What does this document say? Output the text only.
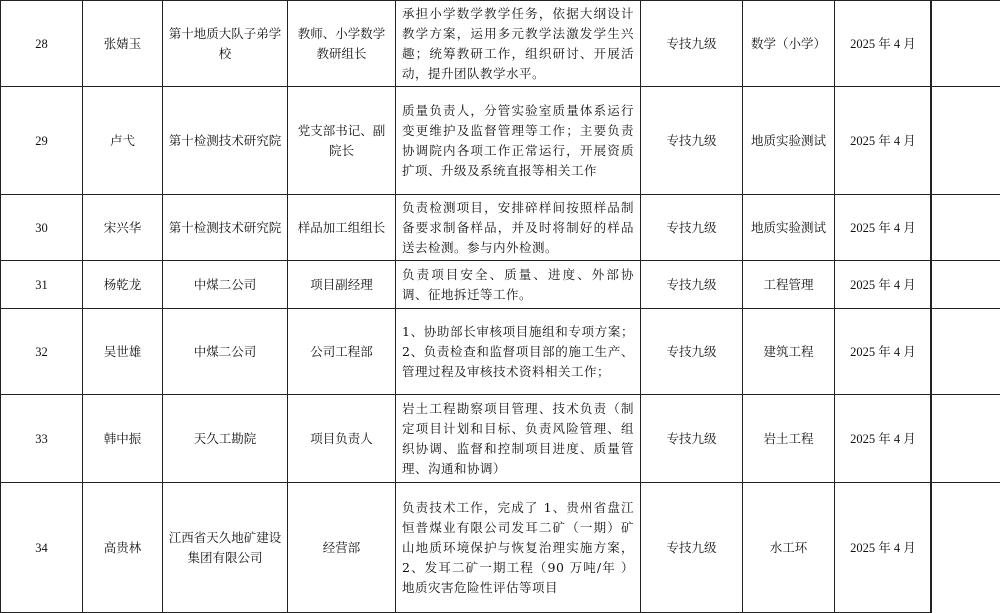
28	张婧玉	第十地质大队子弟学校	教师、小学数学教研组长	承担小学数学教学任务，依据大纲设计教学方案，运用多元教学法激发学生兴趣；统筹教研工作，组织研讨、开展活动，提升团队教学水平。	专技九级	数学（小学）	2025 年 4 月
29	卢弋	第十检测技术研究院	党支部书记、副院长	质量负责人，分管实验室质量体系运行变更维护及监督管理等工作；主要负责协调院内各项工作正常运行，开展资质扩项、升级及系统直报等相关工作	专技九级	地质实验测试	2025 年 4 月
30	宋兴华	第十检测技术研究院	样品加工组组长	负责检测项目，安排碎样间按照样品制备要求制备样品，并及时将制好的样品送去检测。参与内外检测。	专技九级	地质实验测试	2025 年 4 月
31	杨乾龙	中煤二公司	项目副经理	负责项目安全、质量、进度、外部协调、征地拆迁等工作。	专技九级	工程管理	2025 年 4 月
32	吴世雄	中煤二公司	公司工程部	1、协助部长审核项目施组和专项方案；2、负责检查和监督项目部的施工生产、管理过程及审核技术资料相关工作；	专技九级	建筑工程	2025 年 4 月
33	韩中振	天久工勘院	项目负责人	岩土工程勘察项目管理、技术负责（制定项目计划和目标、负责风险管理、组织协调、监督和控制项目进度、质量管理、沟通和协调）	专技九级	岩土工程	2025 年 4 月
34	高贵林	江西省天久地矿建设集团有限公司	经营部	负责技术工作，完成了 1、贵州省盘江恒普煤业有限公司发耳二矿（一期）矿山地质环境保护与恢复治理实施方案，2、发耳二矿一期工程（90 万吨/年 ）地质灾害危险性评估等项目	专技九级	水工环	2025 年 4 月
